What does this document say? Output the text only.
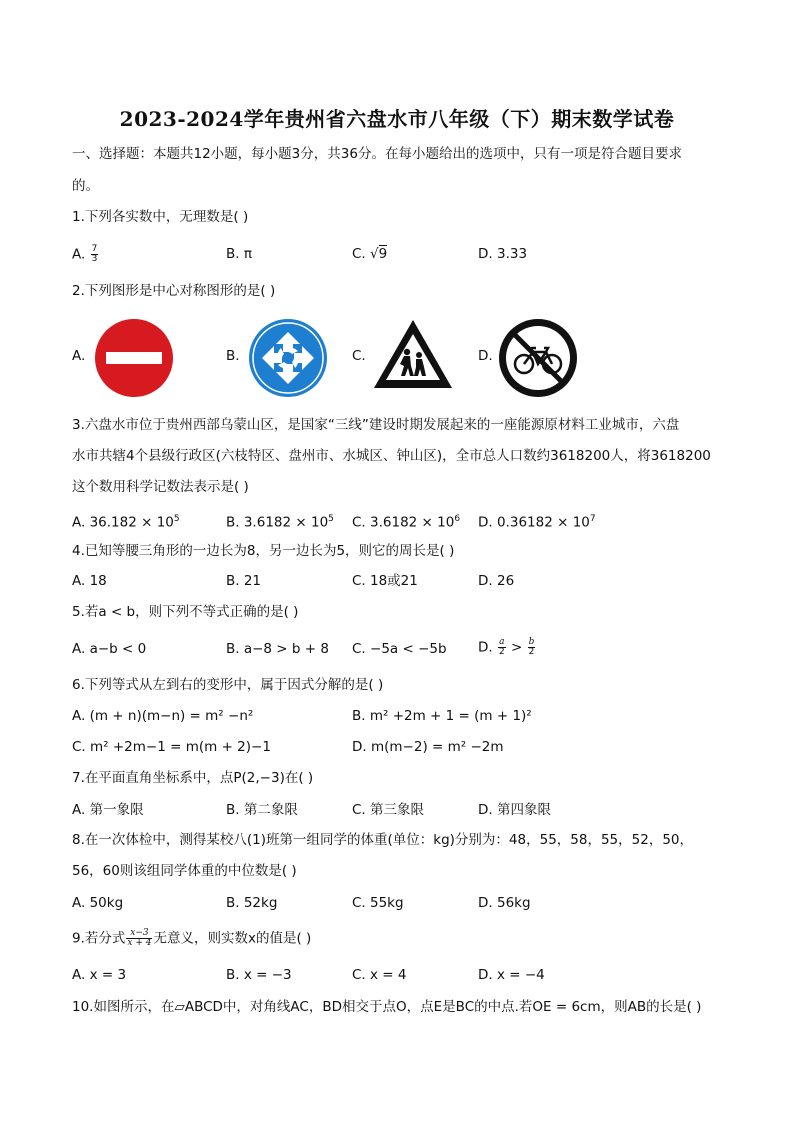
2023-2024学年贵州省六盘水市八年级（下）期末数学试卷
一、选择题：本题共12小题，每小题3分，共36分。在每小题给出的选项中，只有一项是符合题目要求
的。
1.下列各实数中，无理数是( )
A. $\frac{7}{3}$	B. π	C. √9	D. 3.33
2.下列图形是中心对称图形的是( )
A.	B.	C.	D.
3.六盘水市位于贵州西部乌蒙山区，是国家“三线”建设时期发展起来的一座能源原材料工业城市，六盘
水市共辖4个县级行政区(六枝特区、盘州市、水城区、钟山区)，全市总人口数约3618200人，将3618200
这个数用科学记数法表示是( )
A. $36.182 \times 10^5$	B. $3.6182 \times 10^5$ C. $3.6182 \times 10^6$ D. $0.36182 \times 10^7$
4.已知等腰三角形的一边长为8，另一边长为5，则它的周长是( )
A. 18	B. 21	C. 18或21	D. 26
5.若a < b，则下列不等式正确的是( )
A. a−b < 0	B. a−8 > b + 8 C. −5a < −5b D. $\frac{a}{2} > \frac{b}{2}$
6.下列等式从左到右的变形中，属于因式分解的是( )
A. (m + n)(m−n) = m² −n²	B. m² +2m + 1 = (m + 1)²
C. m² +2m−1 = m(m + 2)−1	D. m(m−2) = m² −2m
7.在平面直角坐标系中，点P(2,−3)在( )
A. 第一象限	B. 第二象限	C. 第三象限	D. 第四象限
8.在一次体检中，测得某校八(1)班第一组同学的体重(单位：kg)分别为：48，55，58，55，52，50，
56，60则该组同学体重的中位数是( )
A. 50kg	B. 52kg	C. 55kg	D. 56kg
9.若分式 $\frac{x-3}{x + 4}$ 无意义，则实数x的值是( )
A. x = 3	B. x = −3	C. x = 4	D. x = −4
10.如图所示，在▱ABCD中，对角线AC，BD相交于点O，点E是BC的中点.若OE = 6cm，则AB的长是( )
